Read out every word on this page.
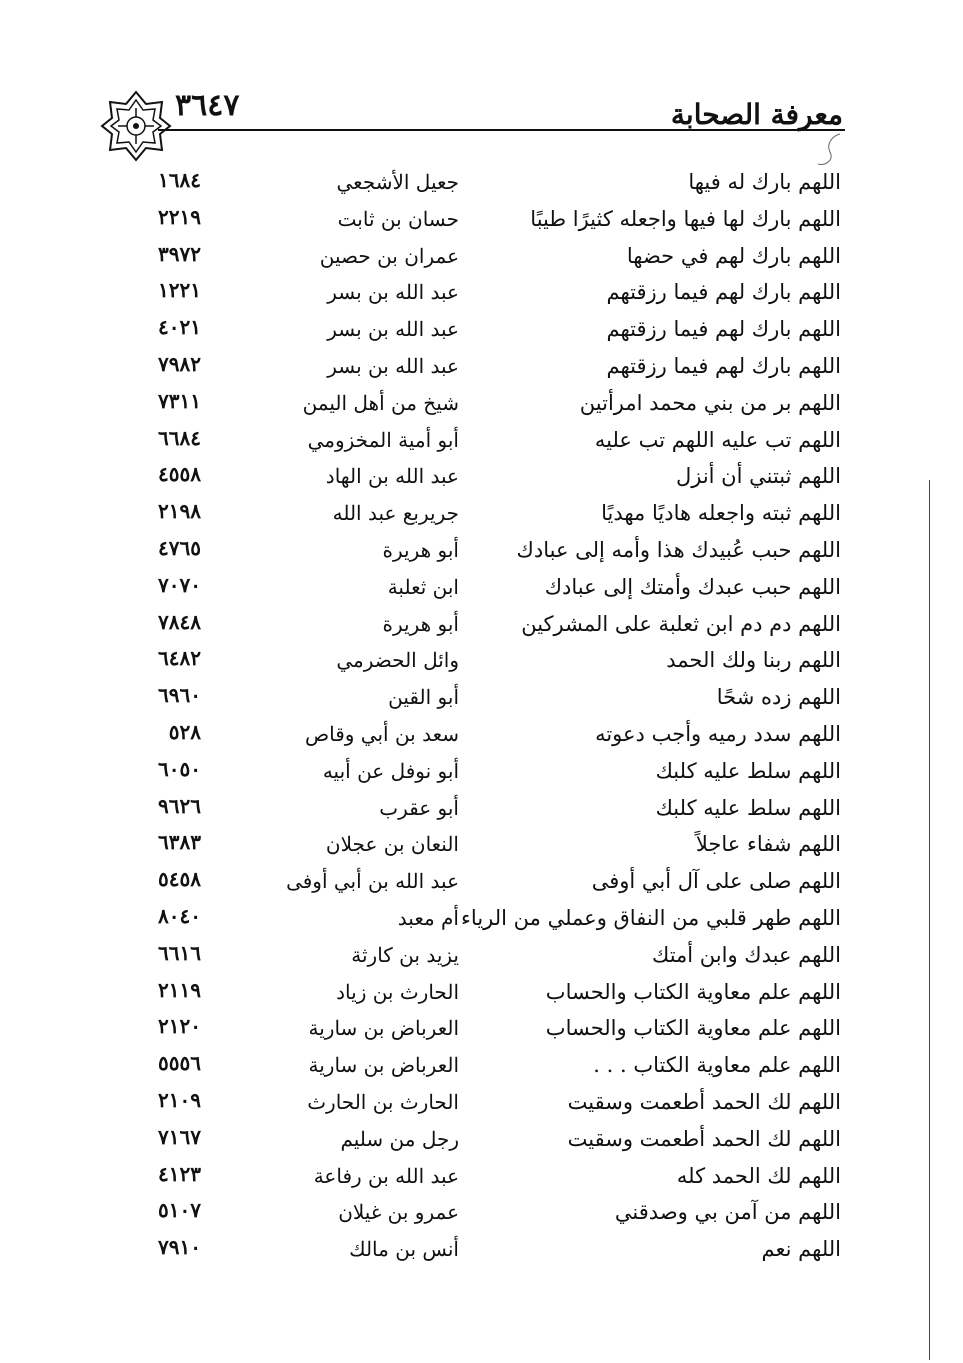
معرفة الصحابة
٣٦٤٧
اللهم بارك له فيها
جعيل الأشجعي
١٦٨٤
اللهم بارك لها فيها واجعله كثيرًا طيبًا
حسان بن ثابت
٢٢١٩
اللهم بارك لهم في حضها
عمران بن حصين
٣٩٧٢
اللهم بارك لهم فيما رزقتهم
عبد الله بن بسر
١٢٢١
اللهم بارك لهم فيما رزقتهم
عبد الله بن بسر
٤٠٢١
اللهم بارك لهم فيما رزقتهم
عبد الله بن بسر
٧٩٨٢
اللهم بر من بني محمد امرأتين
شيخ من أهل اليمن
٧٣١١
اللهم تب عليه اللهم تب عليه
أبو أمية المخزومي
٦٦٨٤
اللهم ثبتني أن أنزل
عبد الله بن الهاد
٤٥٥٨
اللهم ثبته واجعله هاديًا مهديًا
جريربع عبد الله
٢١٩٨
اللهم حبب عُبيدك هذا وأمه إلى عبادك
أبو هريرة
٤٧٦٥
اللهم حبب عبدك وأمتك إلى عبادك
ابن ثعلبة
٧٠٧٠
اللهم دم دم ابن ثعلبة على المشركين
أبو هريرة
٧٨٤٨
اللهم ربنا ولك الحمد
وائل الحضرمي
٦٤٨٢
اللهم زده شحًا
أبو القين
٦٩٦٠
اللهم سدد رميه وأجب دعوته
سعد بن أبي وقاص
٥٢٨
اللهم سلط عليه كلبك
أبو نوفل عن أبيه
٦٠٥٠
اللهم سلط عليه كلبك
أبو عقرب
٩٦٢٦
اللهم شفاء عاجلاً
النعان بن عجلان
٦٣٨٣
اللهم صلى على آل أبي أوفى
عبد الله بن أبي أوفى
٥٤٥٨
اللهم طهر قلبي من النفاق وعملي من الرياء
أم معبد
٨٠٤٠
اللهم عبدك وابن أمتك
يزيد بن كارثة
٦٦١٦
اللهم علم معاوية الكتاب والحساب
الحارث بن زياد
٢١١٩
اللهم علم معاوية الكتاب والحساب
العرباض بن سارية
٢١٢٠
اللهم علم معاوية الكتاب . . .
العرباض بن سارية
٥٥٥٦
اللهم لك الحمد أطعمت وسقيت
الحارث بن الحارث
٢١٠٩
اللهم لك الحمد أطعمت وسقيت
رجل من سليم
٧١٦٧
اللهم لك الحمد كله
عبد الله بن رفاعة
٤١٢٣
اللهم من آمن بي وصدقني
عمرو بن غيلان
٥١٠٧
اللهم نعم
أنس بن مالك
٧٩١٠
